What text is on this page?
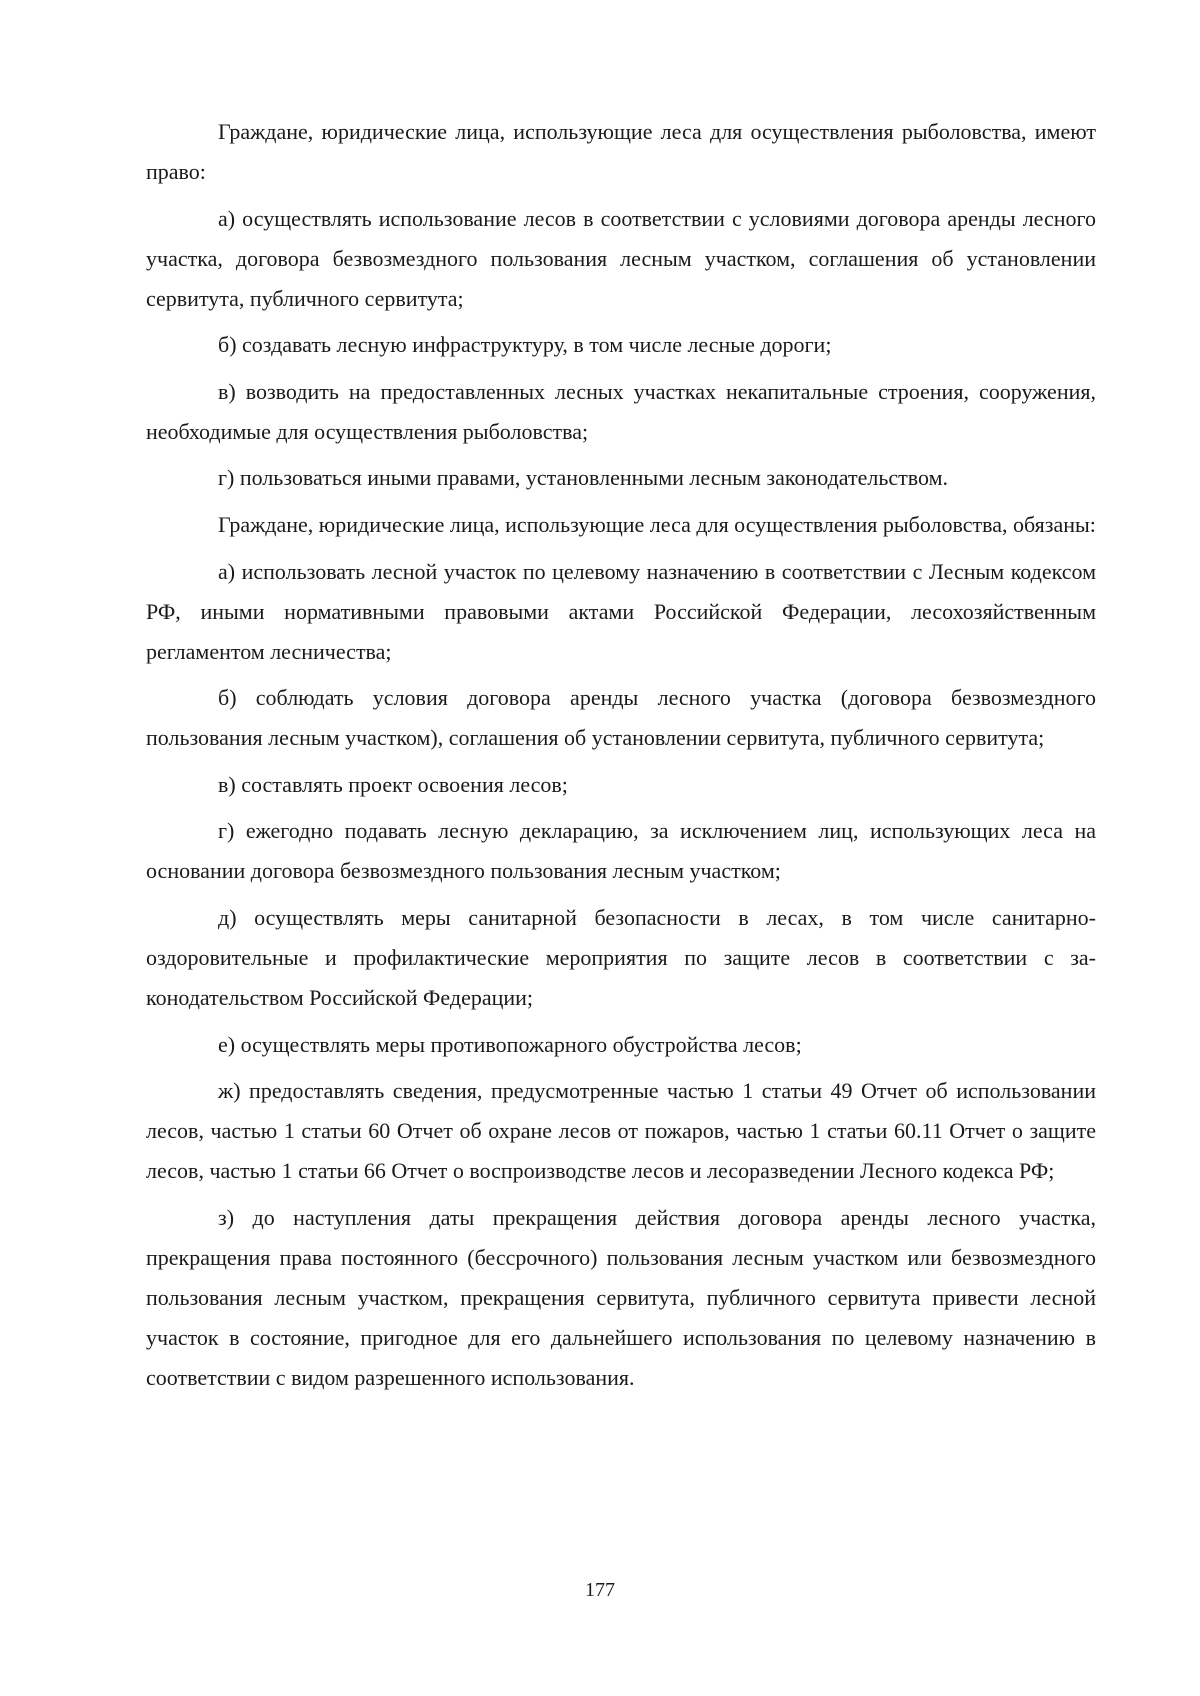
Граждане, юридические лица, использующие леса для осуществления рыболовства, имеют право:

а) осуществлять использование лесов в соответствии с условиями договора аренды лесного участка, договора безвозмездного пользования лесным участком, соглашения об установлении сервитута, публичного сервитута;

б) создавать лесную инфраструктуру, в том числе лесные дороги;

в) возводить на предоставленных лесных участках некапитальные строения, сооружения, необходимые для осуществления рыболовства;

г) пользоваться иными правами, установленными лесным законодательством.

Граждане, юридические лица, использующие леса для осуществления рыболовства, обязаны:

а) использовать лесной участок по целевому назначению в соответствии с Лесным кодексом РФ, иными нормативными правовыми актами Российской Федерации, лесохозяйственным регламентом лесничества;

б) соблюдать условия договора аренды лесного участка (договора безвозмездного пользования лесным участком), соглашения об установлении сервитута, публичного сервитута;

в) составлять проект освоения лесов;

г) ежегодно подавать лесную декларацию, за исключением лиц, использующих леса на основании договора безвозмездного пользования лесным участком;

д) осуществлять меры санитарной безопасности в лесах, в том числе санитарно-оздоровительные и профилактические мероприятия по защите лесов в соответствии с законодательством Российской Федерации;

е) осуществлять меры противопожарного обустройства лесов;

ж) предоставлять сведения, предусмотренные частью 1 статьи 49 Отчет об использовании лесов, частью 1 статьи 60 Отчет об охране лесов от пожаров, частью 1 статьи 60.11 Отчет о защите лесов, частью 1 статьи 66 Отчет о воспроизводстве лесов и лесоразведении Лесного кодекса РФ;

з) до наступления даты прекращения действия договора аренды лесного участка, прекращения права постоянного (бессрочного) пользования лесным участком или безвозмездного пользования лесным участком, прекращения сервитута, публичного сервитута привести лесной участок в состояние, пригодное для его дальнейшего использования по целевому назначению в соответствии с видом разрешенного использования.

177
